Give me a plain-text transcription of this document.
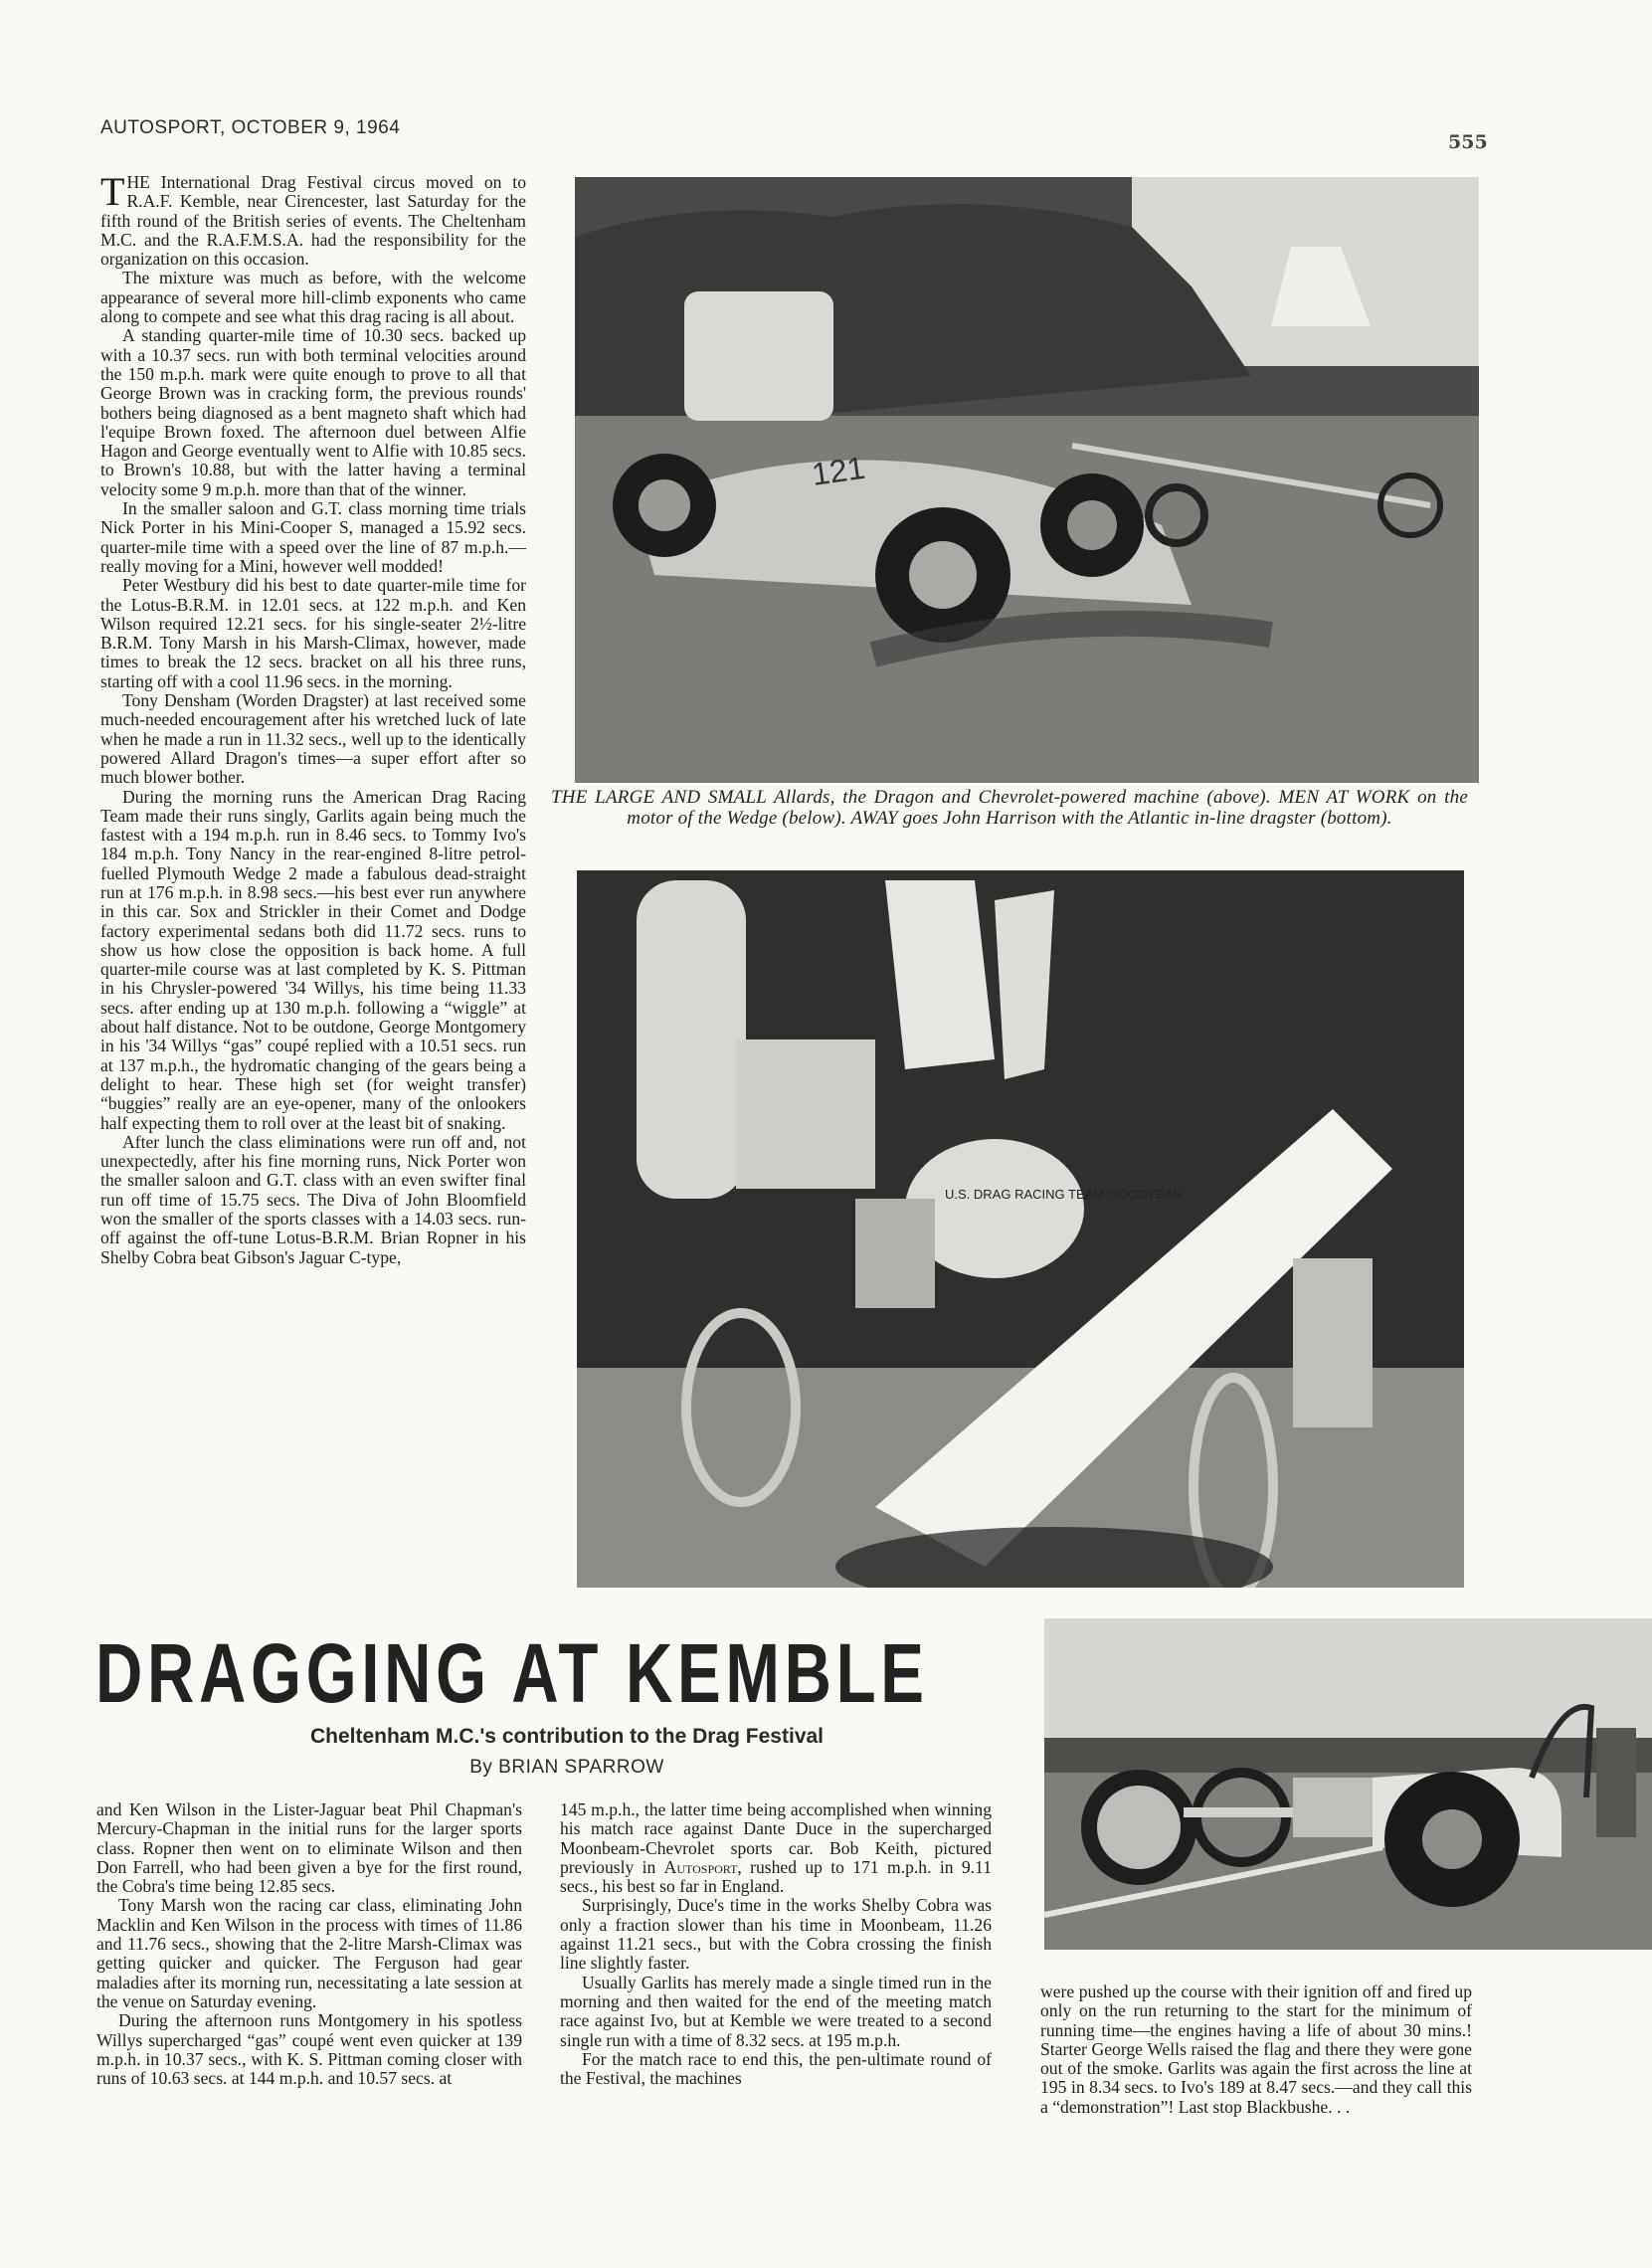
AUTOSPORT, OCTOBER 9, 1964
555

THE International Drag Festival circus moved on to R.A.F. Kemble, near Cirencester, last Saturday for the fifth round of the British series of events. The Cheltenham M.C. and the R.A.F.M.S.A. had the responsibility for the organization on this occasion.

The mixture was much as before, with the welcome appearance of several more hill-climb exponents who came along to compete and see what this drag racing is all about.

A standing quarter-mile time of 10.30 secs. backed up with a 10.37 secs. run with both terminal velocities around the 150 m.p.h. mark were quite enough to prove to all that George Brown was in cracking form, the previous rounds' bothers being diagnosed as a bent magneto shaft which had l'equipe Brown foxed. The afternoon duel between Alfie Hagon and George eventually went to Alfie with 10.85 secs. to Brown's 10.88, but with the latter having a terminal velocity some 9 m.p.h. more than that of the winner.

In the smaller saloon and G.T. class morning time trials Nick Porter in his Mini-Cooper S, managed a 15.92 secs. quarter-mile time with a speed over the line of 87 m.p.h.—really moving for a Mini, however well modded!

Peter Westbury did his best to date quarter-mile time for the Lotus-B.R.M. in 12.01 secs. at 122 m.p.h. and Ken Wilson required 12.21 secs. for his single-seater 2½-litre B.R.M. Tony Marsh in his Marsh-Climax, however, made times to break the 12 secs. bracket on all his three runs, starting off with a cool 11.96 secs. in the morning.

Tony Densham (Worden Dragster) at last received some much-needed encouragement after his wretched luck of late when he made a run in 11.32 secs., well up to the identically powered Allard Dragon's times—a super effort after so much blower bother.

During the morning runs the American Drag Racing Team made their runs singly, Garlits again being much the fastest with a 194 m.p.h. run in 8.46 secs. to Tommy Ivo's 184 m.p.h. Tony Nancy in the rear-engined 8-litre petrol-fuelled Plymouth Wedge 2 made a fabulous dead-straight run at 176 m.p.h. in 8.98 secs.—his best ever run anywhere in this car. Sox and Strickler in their Comet and Dodge factory experimental sedans both did 11.72 secs. runs to show us how close the opposition is back home. A full quarter-mile course was at last completed by K. S. Pittman in his Chrysler-powered '34 Willys, his time being 11.33 secs. after ending up at 130 m.p.h. following a “wiggle” at about half distance. Not to be outdone, George Montgomery in his '34 Willys “gas” coupé replied with a 10.51 secs. run at 137 m.p.h., the hydromatic changing of the gears being a delight to hear. These high set (for weight transfer) “buggies” really are an eye-opener, many of the onlookers half expecting them to roll over at the least bit of snaking.

After lunch the class eliminations were run off and, not unexpectedly, after his fine morning runs, Nick Porter won the smaller saloon and G.T. class with an even swifter final run off time of 15.75 secs. The Diva of John Bloomfield won the smaller of the sports classes with a 14.03 secs. run-off against the off-tune Lotus-B.R.M. Brian Ropner in his Shelby Cobra beat Gibson's Jaguar C-type,

121
THE LARGE AND SMALL Allards, the Dragon and Chevrolet-powered machine (above). MEN AT WORK on the motor of the Wedge (below). AWAY goes John Harrison with the Atlantic in-line dragster (bottom).
U.S. DRAG RACING TEAM GOODYEAR
DRAGGING AT KEMBLE
Cheltenham M.C.'s contribution to the Drag Festival
By BRIAN SPARROW

and Ken Wilson in the Lister-Jaguar beat Phil Chapman's Mercury-Chapman in the initial runs for the larger sports class. Ropner then went on to eliminate Wilson and then Don Farrell, who had been given a bye for the first round, the Cobra's time being 12.85 secs.

Tony Marsh won the racing car class, eliminating John Macklin and Ken Wilson in the process with times of 11.86 and 11.76 secs., showing that the 2-litre Marsh-Climax was getting quicker and quicker. The Ferguson had gear maladies after its morning run, necessitating a late session at the venue on Saturday evening.

During the afternoon runs Montgomery in his spotless Willys supercharged “gas” coupé went even quicker at 139 m.p.h. in 10.37 secs., with K. S. Pittman coming closer with runs of 10.63 secs. at 144 m.p.h. and 10.57 secs. at

145 m.p.h., the latter time being accomplished when winning his match race against Dante Duce in the supercharged Moonbeam-Chevrolet sports car. Bob Keith, pictured previously in Autosport, rushed up to 171 m.p.h. in 9.11 secs., his best so far in England.

Surprisingly, Duce's time in the works Shelby Cobra was only a fraction slower than his time in Moonbeam, 11.26 against 11.21 secs., but with the Cobra crossing the finish line slightly faster.

Usually Garlits has merely made a single timed run in the morning and then waited for the end of the meeting match race against Ivo, but at Kemble we were treated to a second single run with a time of 8.32 secs. at 195 m.p.h.

For the match race to end this, the pen-ultimate round of the Festival, the machines

were pushed up the course with their ignition off and fired up only on the run returning to the start for the minimum of running time—the engines having a life of about 30 mins.! Starter George Wells raised the flag and there they were gone out of the smoke. Garlits was again the first across the line at 195 in 8.34 secs. to Ivo's 189 at 8.47 secs.—and they call this a “demonstration”! Last stop Blackbushe. . .
